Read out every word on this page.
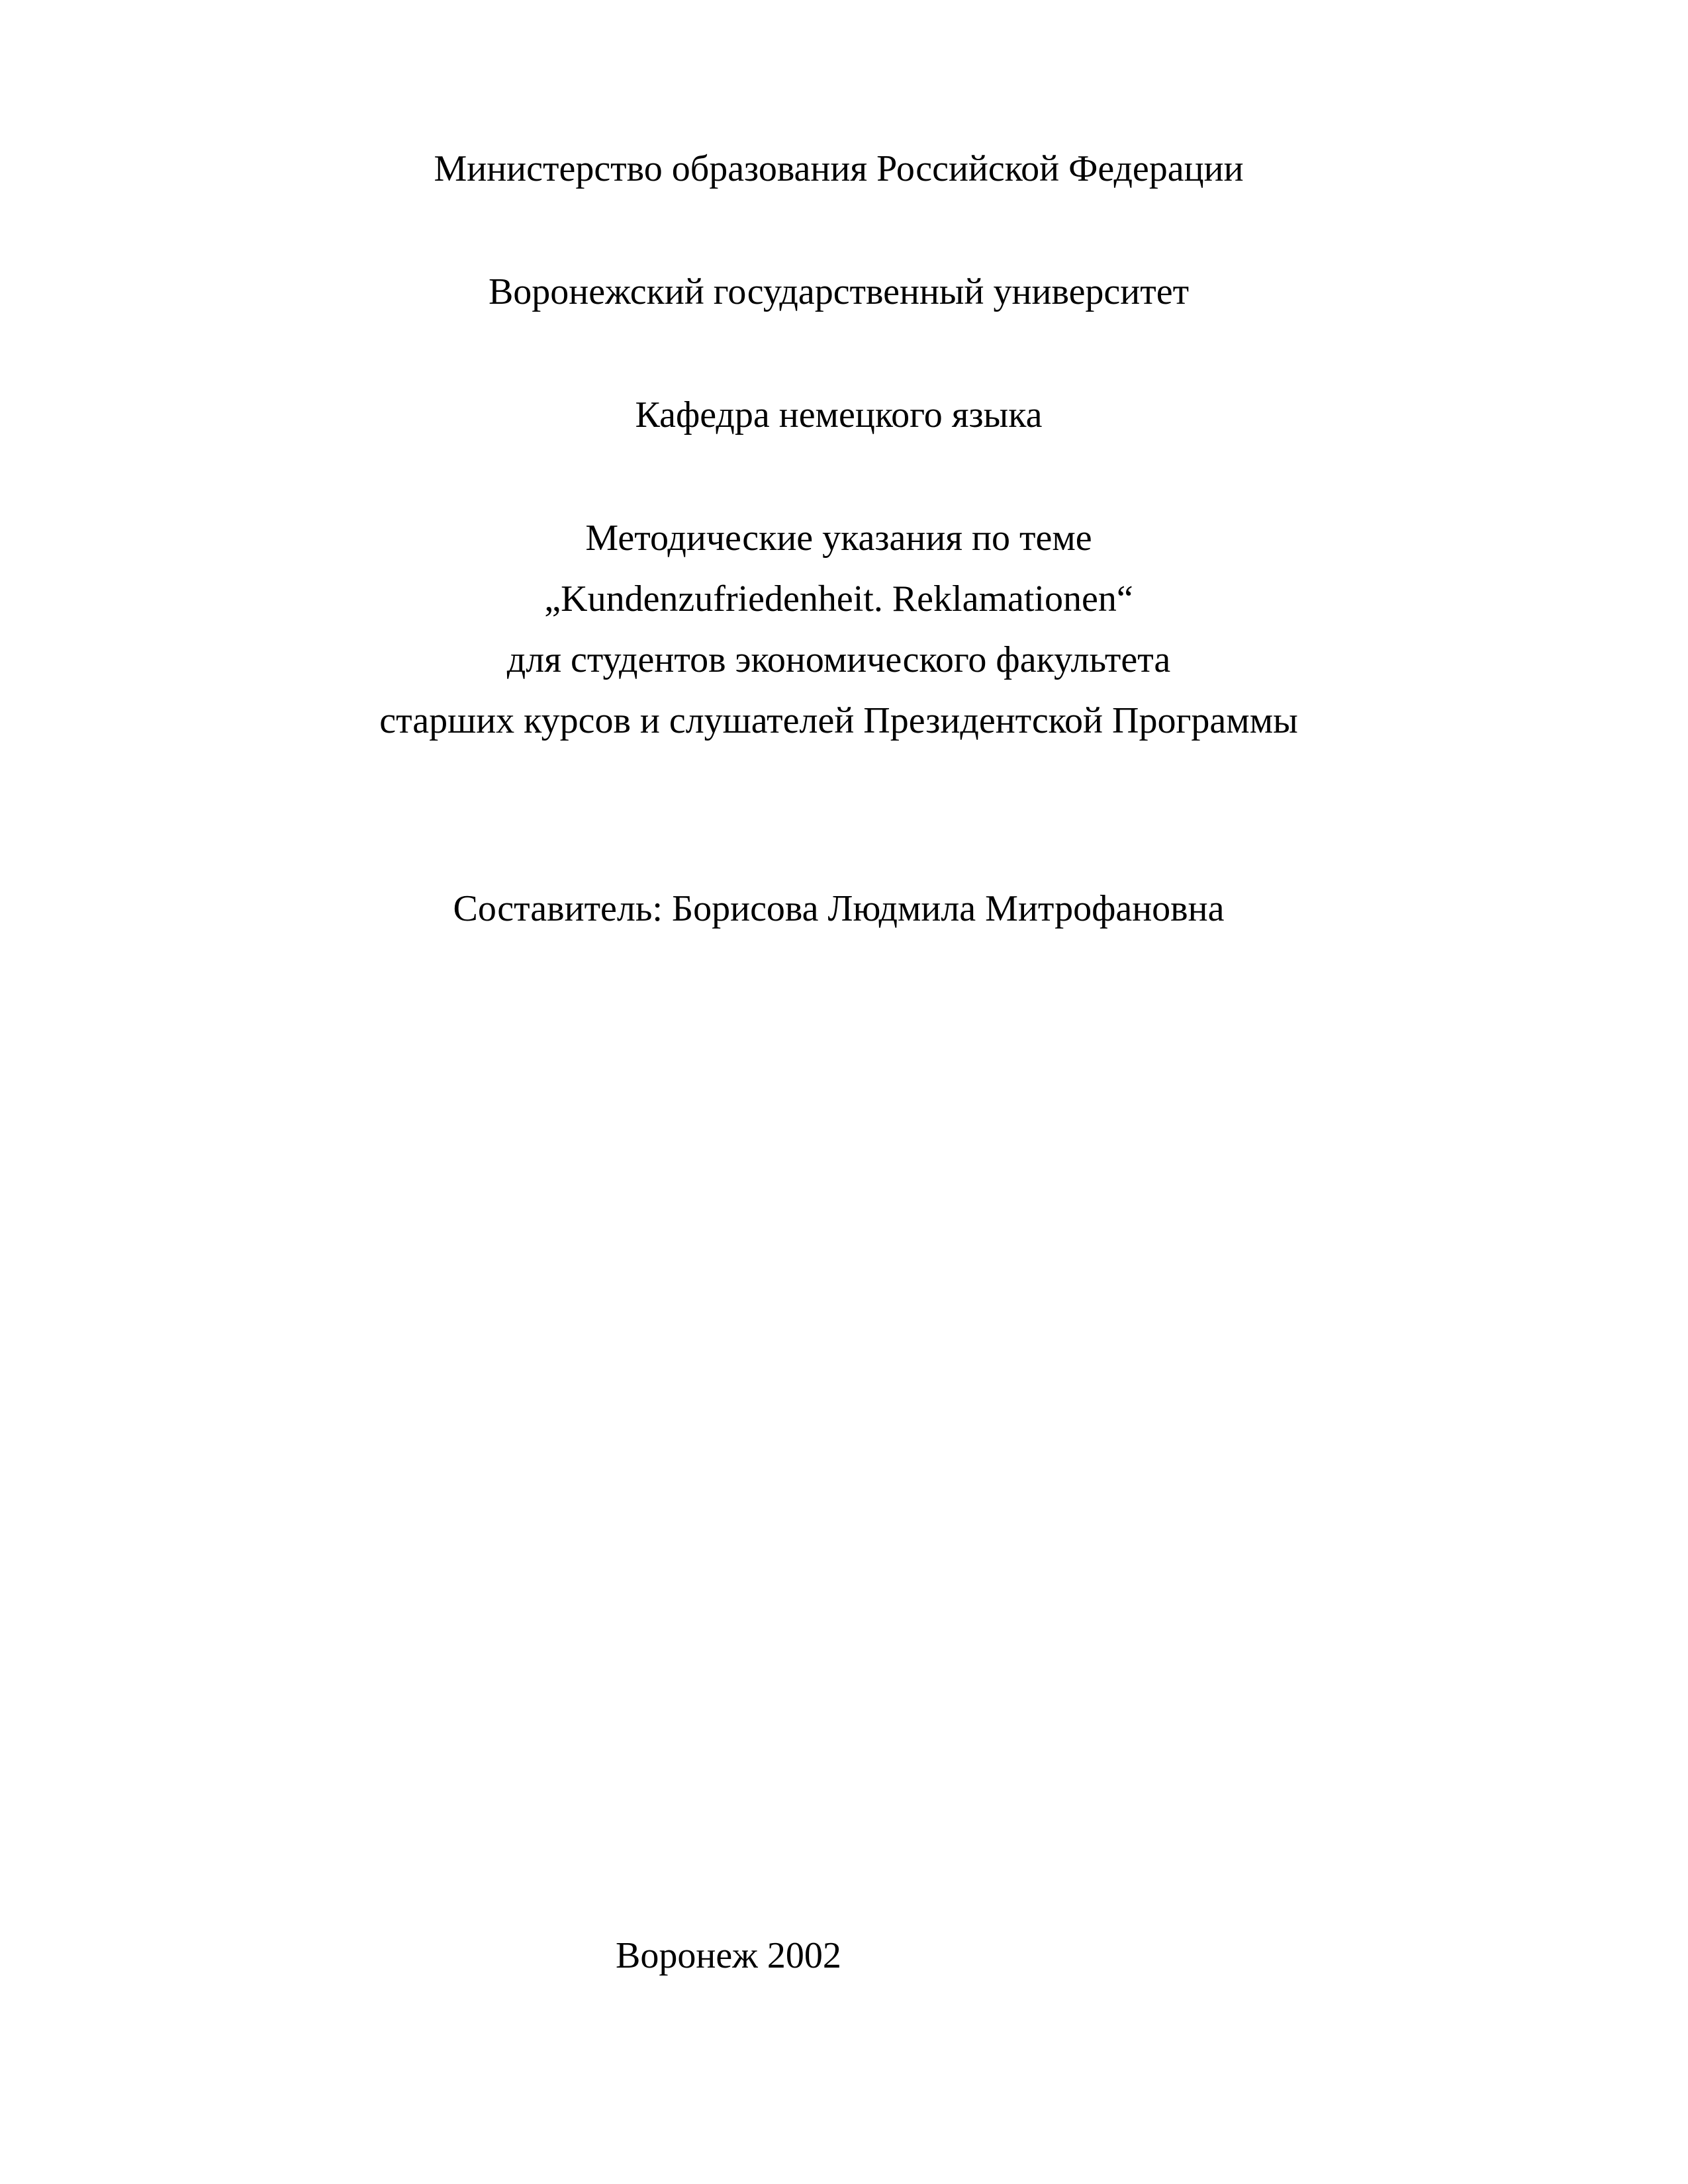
Министерство образования Российской Федерации
Воронежский государственный университет
Кафедра немецкого языка
Методические указания по теме
„Kundenzufriedenheit. Reklamationen“
для студентов экономического факультета
старших курсов и слушателей Президентской Программы
Составитель: Борисова Людмила Митрофановна
Воронеж 2002
